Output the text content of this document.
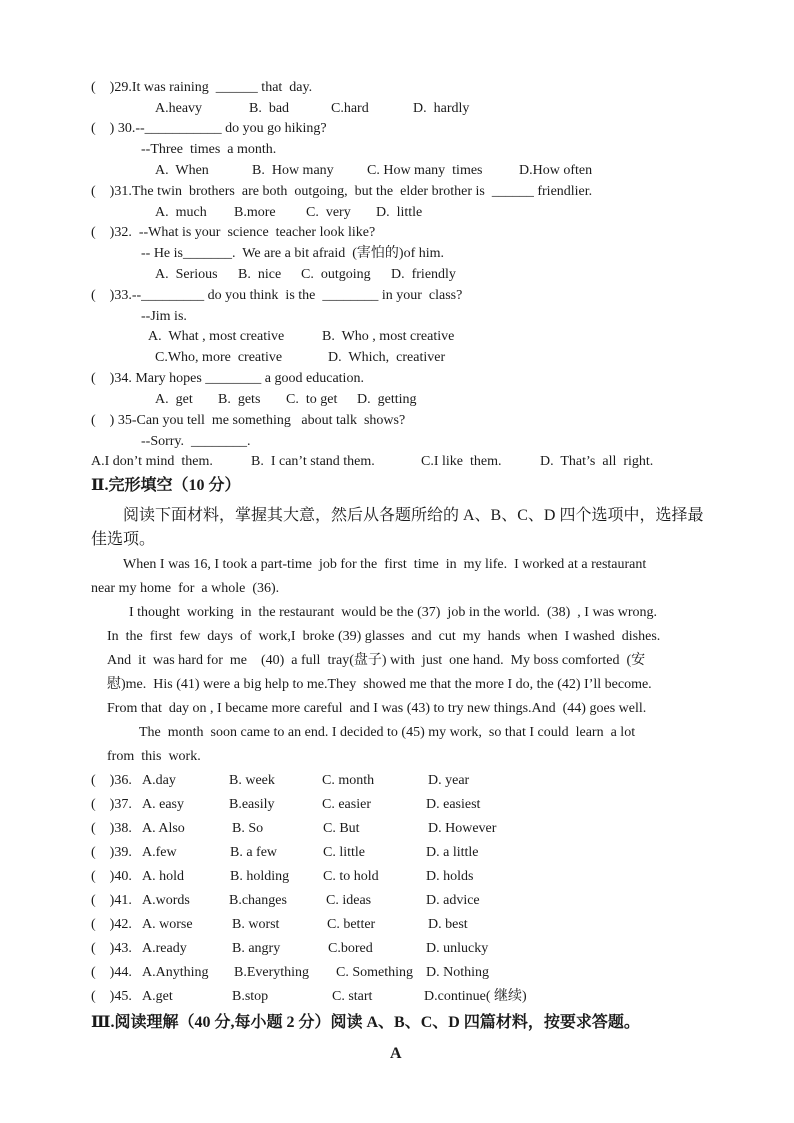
(    )29.It was raining  ______ that  day.
A.heavy	B.  bad	C.hard	D.  hardly
(    ) 30.--___________ do you go hiking?
--Three  times  a month.
A.  When	B.  How many C. How many  times	D.How often
(    )31.The twin  brothers  are both  outgoing,  but the  elder brother is  ______ friendlier.
A.  much B.more C.  very D.  little
(    )32.  --What is your  science  teacher look like?
-- He is_______.  We are a bit afraid  (害怕的)of him.
A.  Serious B.  nice C.  outgoing D.  friendly
(    )33.--_________ do you think  is the  ________ in your  class?
--Jim is.
A.  What , most creative	B.  Who , most creative
C.Who, more  creative	D.  Which,  creativer
(    )34. Mary hopes ________ a good education.
A.  get B.  gets C.  to get D.  getting
(    ) 35-Can you tell  me something   about talk  shows?
--Sorry.  ________.
A.I don’t mind  them.	B.  I can’t stand them.	C.I like  them.	D.  That’s  all  right.
Ⅱ.完形填空（10 分）
阅读下面材料，掌握其大意，然后从各题所给的 A、B、C、D 四个选项中，选择最
佳选项。
When I was 16, I took a part-time  job for the  first  time  in  my life.  I worked at a restaurant
near my home  for  a whole  (36).
I thought  working  in  the restaurant  would be the (37)  job in the world.  (38)  , I was wrong.
In  the  first  few  days  of  work,I  broke (39) glasses  and  cut  my  hands  when  I washed  dishes.
And  it  was hard for  me    (40)  a full  tray(盘子) with  just  one hand.  My boss comforted  (安
慰)me.  His (41) were a big help to me.They  showed me that the more I do, the (42) I’ll become.
From that  day on , I became more careful  and I was (43) to try new things.And  (44) goes well.
The  month  soon came to an end. I decided to (45) my work,  so that I could  learn  a lot
from  this  work.
(    )36. A.day	B. week	C. month	D. year
(    )37. A. easy	B.easily	C. easier	D. easiest
(    )38. A. Also	B. So	C. But	D. However
(    )39. A.few	B. a few	C. little	D. a little
(    )40. A. hold	B. holding C. to hold	D. holds
(    )41. A.words	B.changes	C. ideas	D. advice
(    )42. A. worse	B. worst	C. better	D. best
(    )43. A.ready	B. angry	C.bored	D. unlucky
(    )44. A.Anything B.Everything C. Something D. Nothing
(    )45. A.get	B.stop	C. start	D.continue( 继续)
Ⅲ.阅读理解（40 分,每小题 2 分）阅读 A、B、C、D 四篇材料，按要求答题。
A
